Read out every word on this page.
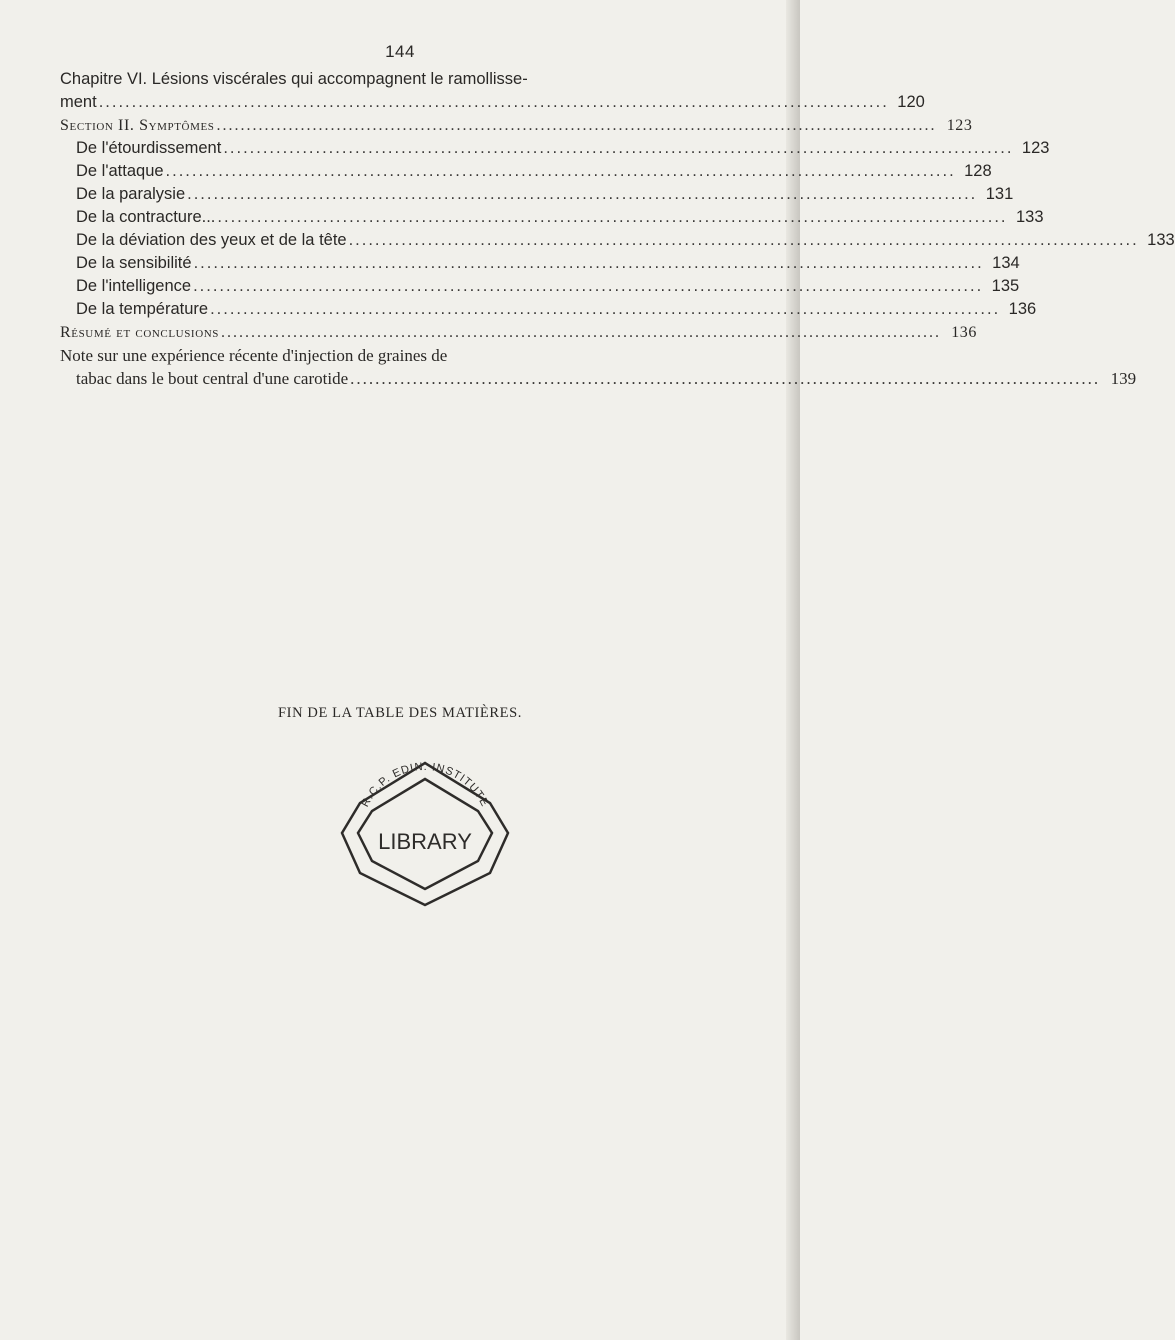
144
Chapitre VI. Lésions viscérales qui accompagnent le ramollisse-
ment ........................................................................................................................ 120
Section II. Symptômes ........................................................................................................................ 123
De l'étourdissement ........................................................................................................................ 123
De l'attaque ........................................................................................................................ 128
De la paralysie ........................................................................................................................ 131
De la contracture... ........................................................................................................................ 133
De la déviation des yeux et de la tête ........................................................................................................................ 133
De la sensibilité ........................................................................................................................ 134
De l'intelligence ........................................................................................................................ 135
De la température ........................................................................................................................ 136
Résumé et conclusions ........................................................................................................................ 136
Note sur une expérience récente d'injection de graines de
tabac dans le bout central d'une carotide ........................................................................................................................ 139
FIN DE LA TABLE DES MATIÈRES.
LIBRARY
R.C.P. EDIN. INSTITUTE
